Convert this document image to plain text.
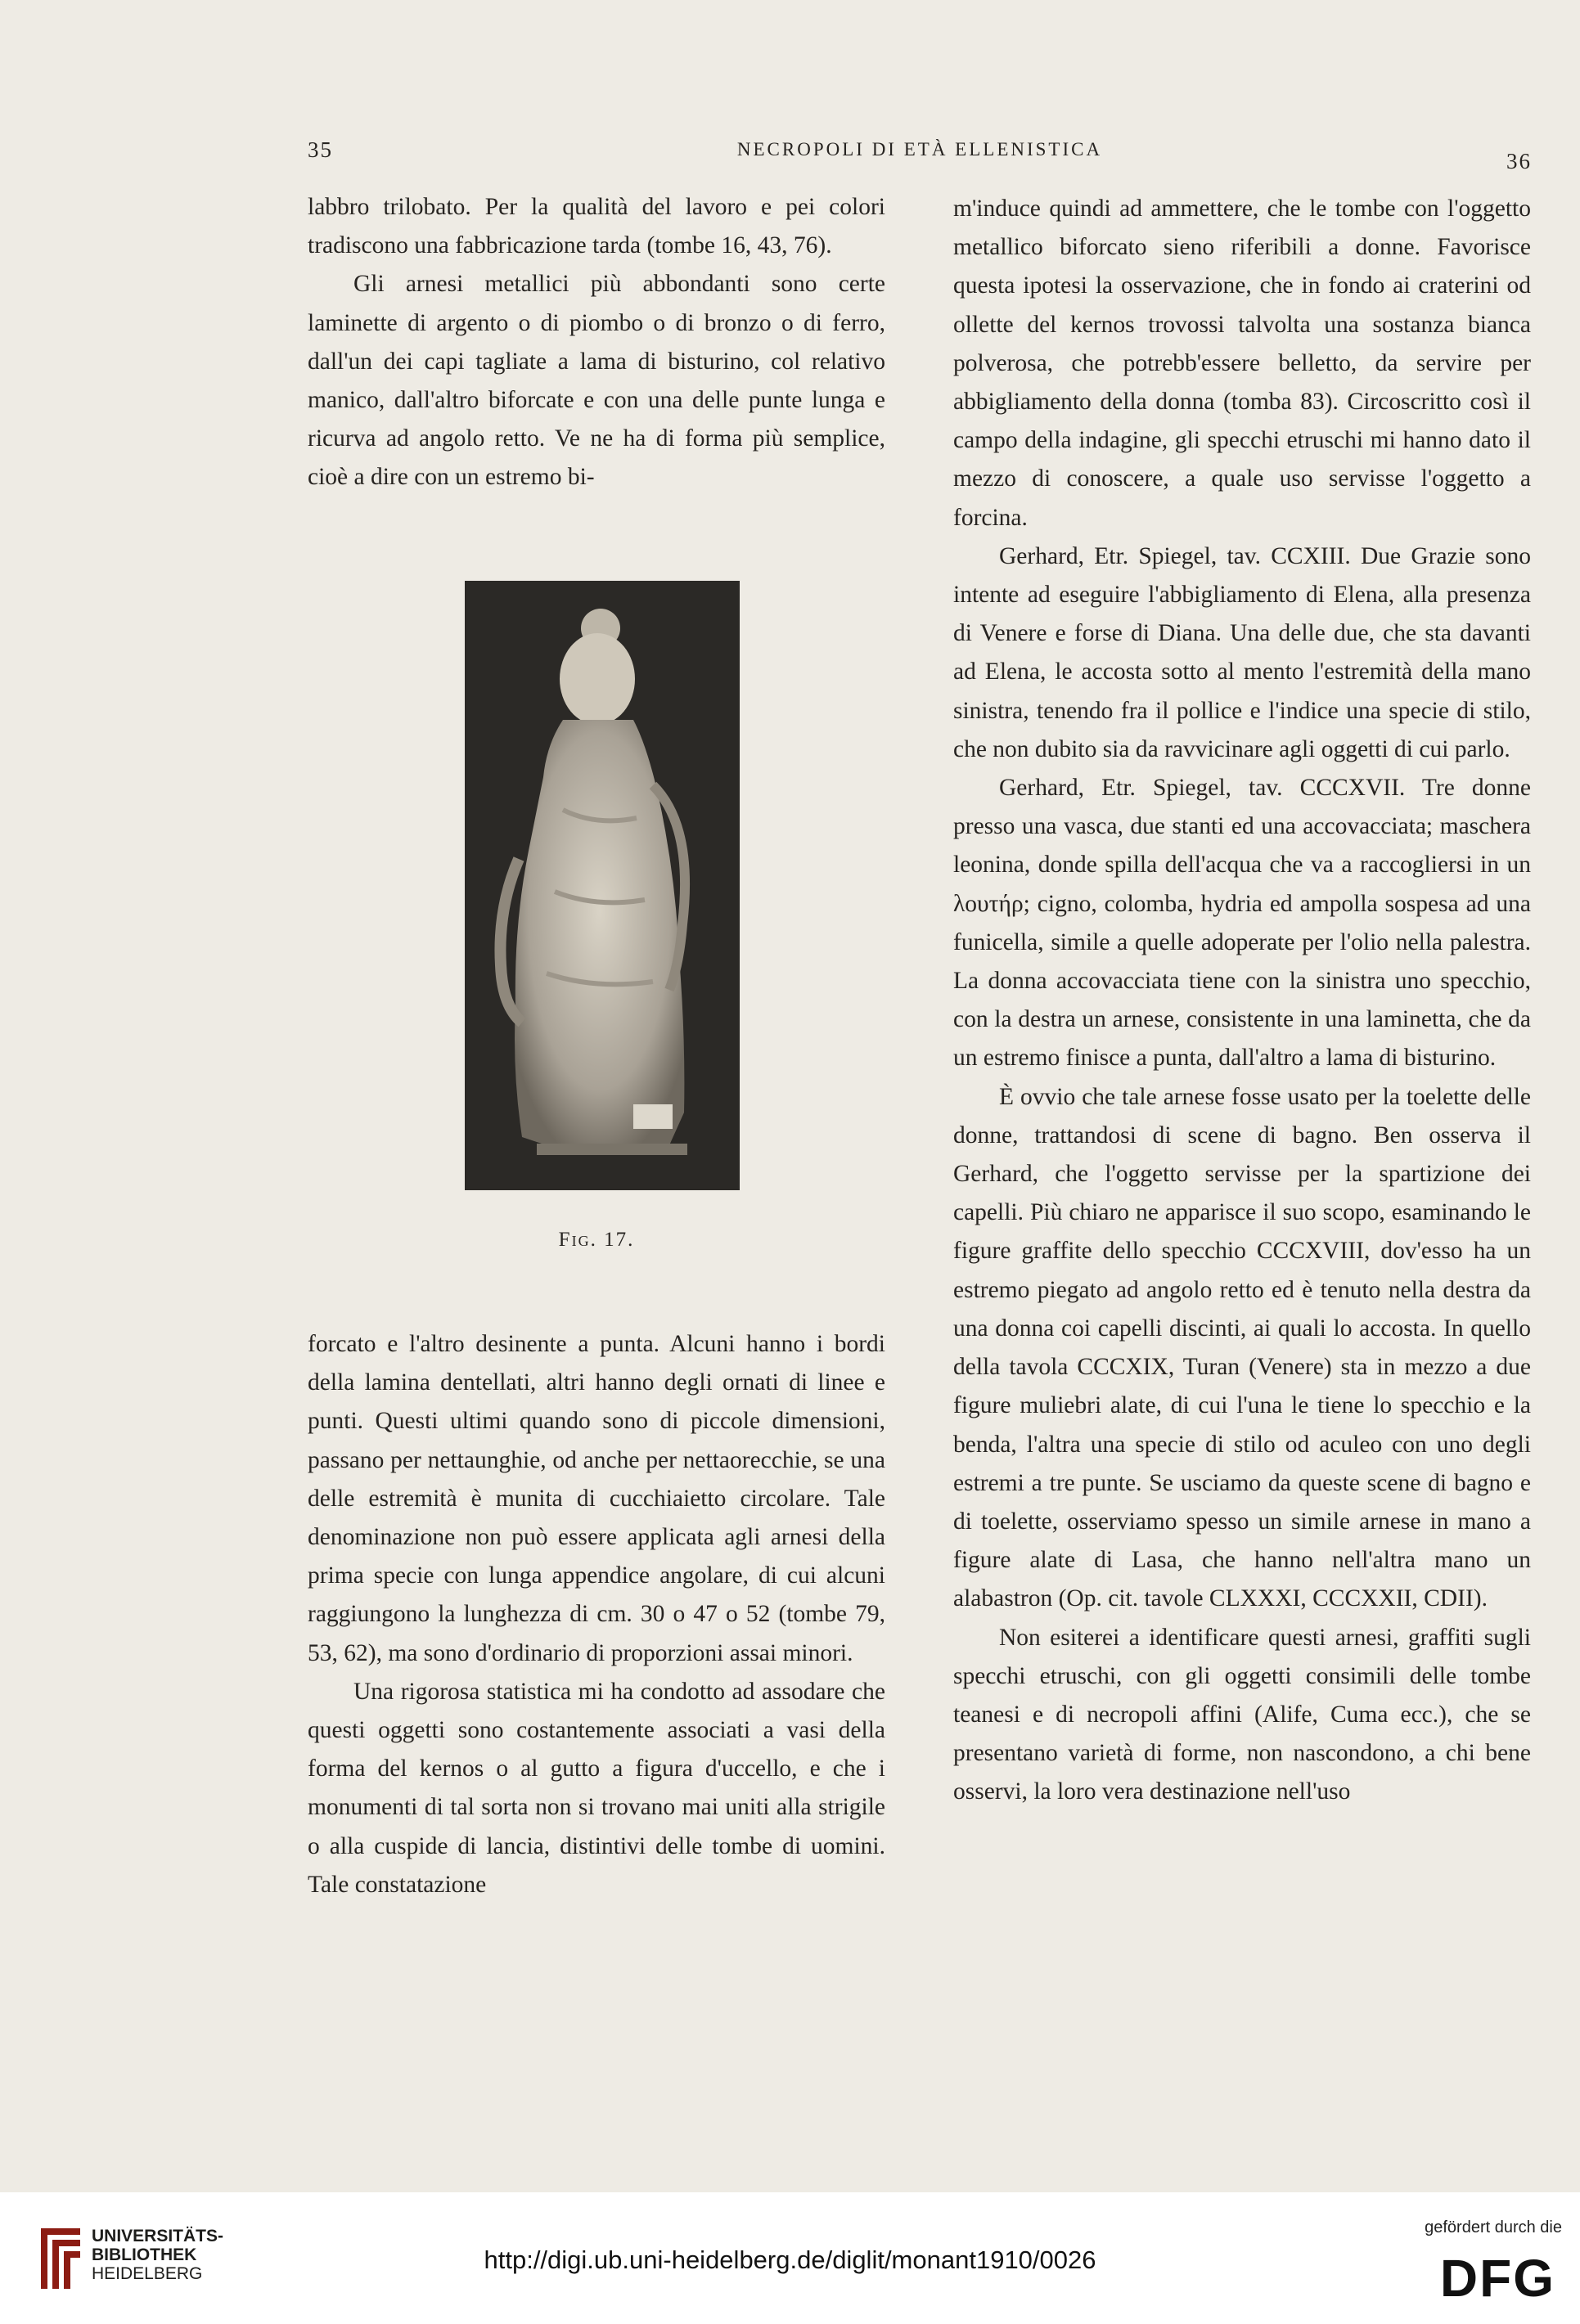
35	NECROPOLI DI ETÀ ELLENISTICA	36

labbro trilobato. Per la qualità del lavoro e pei colori tradiscono una fabbricazione tarda (tombe 16, 43, 76).

Gli arnesi metallici più abbondanti sono certe laminette di argento o di piombo o di bronzo o di ferro, dall'un dei capi tagliate a lama di bisturino, col relativo manico, dall'altro biforcate e con una delle punte lunga e ricurva ad angolo retto. Ve ne ha di forma più semplice, cioè a dire con un estremo bi-

Fig. 17.

forcato e l'altro desinente a punta. Alcuni hanno i bordi della lamina dentellati, altri hanno degli ornati di linee e punti. Questi ultimi quando sono di piccole dimensioni, passano per nettaunghie, od anche per nettaorecchie, se una delle estremità è munita di cucchiaietto circolare. Tale denominazione non può essere applicata agli arnesi della prima specie con lunga appendice angolare, di cui alcuni raggiungono la lunghezza di cm. 30 o 47 o 52 (tombe 79, 53, 62), ma sono d'ordinario di proporzioni assai minori.

Una rigorosa statistica mi ha condotto ad assodare che questi oggetti sono costantemente associati a vasi della forma del kernos o al gutto a figura d'uccello, e che i monumenti di tal sorta non si trovano mai uniti alla strigile o alla cuspide di lancia, distintivi delle tombe di uomini. Tale constatazione

m'induce quindi ad ammettere, che le tombe con l'oggetto metallico biforcato sieno riferibili a donne. Favorisce questa ipotesi la osservazione, che in fondo ai craterini od ollette del kernos trovossi talvolta una sostanza bianca polverosa, che potrebb'essere belletto, da servire per abbigliamento della donna (tomba 83). Circoscritto così il campo della indagine, gli specchi etruschi mi hanno dato il mezzo di conoscere, a quale uso servisse l'oggetto a forcina.

Gerhard, Etr. Spiegel, tav. CCXIII. Due Grazie sono intente ad eseguire l'abbigliamento di Elena, alla presenza di Venere e forse di Diana. Una delle due, che sta davanti ad Elena, le accosta sotto al mento l'estremità della mano sinistra, tenendo fra il pollice e l'indice una specie di stilo, che non dubito sia da ravvicinare agli oggetti di cui parlo.

Gerhard, Etr. Spiegel, tav. CCCXVII. Tre donne presso una vasca, due stanti ed una accovacciata; maschera leonina, donde spilla dell'acqua che va a raccogliersi in un λουτήρ; cigno, colomba, hydria ed ampolla sospesa ad una funicella, simile a quelle adoperate per l'olio nella palestra. La donna accovacciata tiene con la sinistra uno specchio, con la destra un arnese, consistente in una laminetta, che da un estremo finisce a punta, dall'altro a lama di bisturino.

È ovvio che tale arnese fosse usato per la toelette delle donne, trattandosi di scene di bagno. Ben osserva il Gerhard, che l'oggetto servisse per la spartizione dei capelli. Più chiaro ne apparisce il suo scopo, esaminando le figure graffite dello specchio CCCXVIII, dov'esso ha un estremo piegato ad angolo retto ed è tenuto nella destra da una donna coi capelli discinti, ai quali lo accosta. In quello della tavola CCCXIX, Turan (Venere) sta in mezzo a due figure muliebri alate, di cui l'una le tiene lo specchio e la benda, l'altra una specie di stilo od aculeo con uno degli estremi a tre punte. Se usciamo da queste scene di bagno e di toelette, osserviamo spesso un simile arnese in mano a figure alate di Lasa, che hanno nell'altra mano un alabastron (Op. cit. tavole CLXXXI, CCCXXII, CDII).

Non esiterei a identificare questi arnesi, graffiti sugli specchi etruschi, con gli oggetti consimili delle tombe teanesi e di necropoli affini (Alife, Cuma ecc.), che se presentano varietà di forme, non nascondono, a chi bene osservi, la loro vera destinazione nell'uso

UNIVERSITÄTS-
BIBLIOTHEK
HEIDELBERG	http://digi.ub.uni-heidelberg.de/diglit/monant1910/0026
gefördert durch die
DFG
